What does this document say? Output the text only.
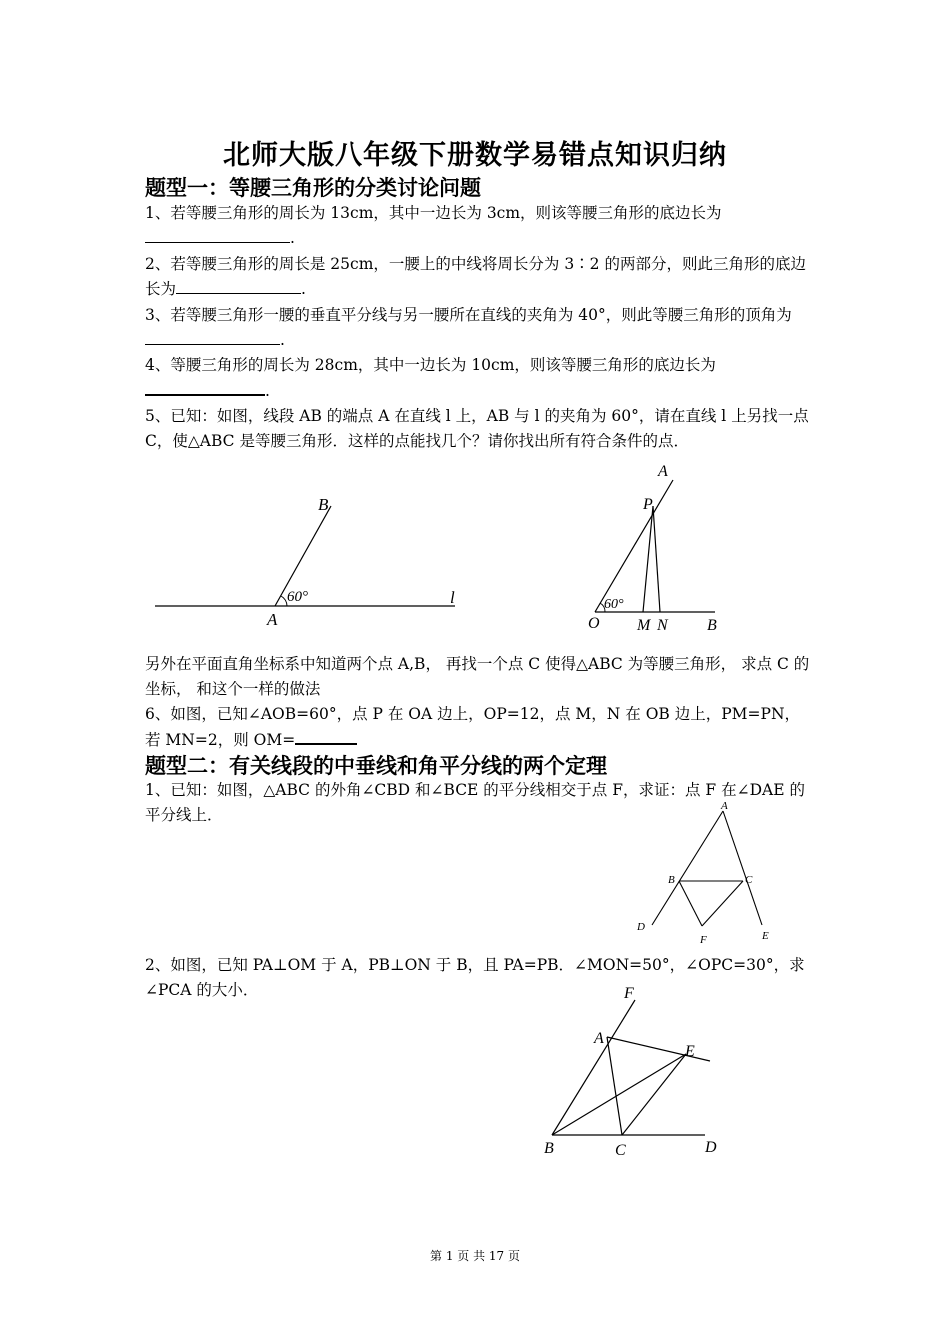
北师大版八年级下册数学易错点知识归纳
题型一：等腰三角形的分类讨论问题
1、若等腰三角形的周长为 13cm，其中一边长为 3cm，则该等腰三角形的底边长为.
2、若等腰三角形的周长是 25cm，一腰上的中线将周长分为 3∶2 的两部分，则此三角形的底边长为	.
3、若等腰三角形一腰的垂直平分线与另一腰所在直线的夹角为 40°，则此等腰三角形的顶角为.
4、等腰三角形的周长为 28cm，其中一边长为 10cm，则该等腰三角形的底边长为.
5、已知：如图，线段 AB 的端点 A 在直线 l 上，AB 与 l 的夹角为 60°，请在直线 l 上另找一点 C，使△ABC 是等腰三角形．这样的点能找几个？请你找出所有符合条件的点．
B
60°	l
A
A
P
60°
O M N B
另外在平面直角坐标系中知道两个点 A,B， 再找一个点 C 使得△ABC 为等腰三角形， 求点 C 的坐标， 和这个一样的做法
6、如图，已知∠AOB=60°，点 P 在 OA 边上，OP=12，点 M，N 在 OB 边上，PM=PN，若 MN=2，则 OM=
题型二：有关线段的中垂线和角平分线的两个定理
1、已知：如图，△ABC 的外角∠CBD 和∠BCE 的平分线相交于点 F，求证：点 F 在∠DAE 的平分线上．	A
B	C
D
E
F
2、如图，已知 PA⊥OM 于 A，PB⊥ON 于 B，且 PA=PB．∠MON=50°，∠OPC=30°，求∠PCA 的大小．	F
A
E
B	C	D
第 1 页 共 17 页
